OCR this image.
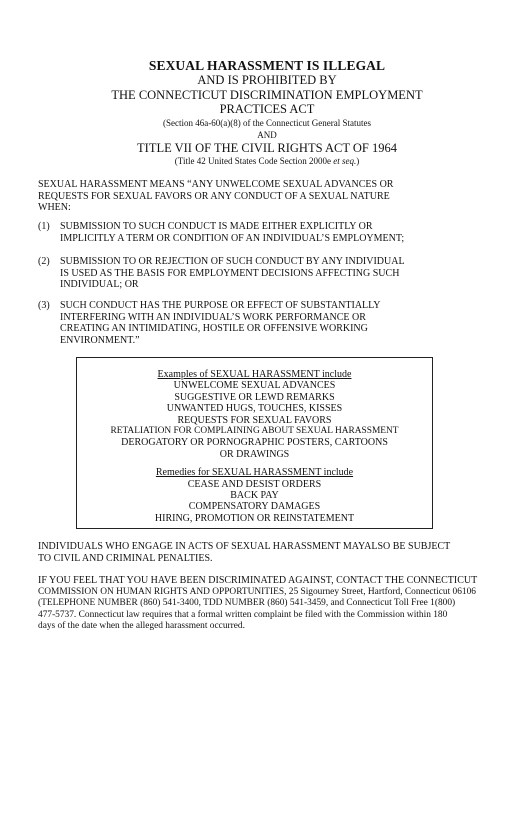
SEXUAL HARASSMENT IS ILLEGAL
AND IS PROHIBITED BY
THE CONNECTICUT DISCRIMINATION EMPLOYMENT
PRACTICES ACT
(Section 46a-60(a)(8) of the Connecticut General Statutes
AND
TITLE VII OF THE CIVIL RIGHTS ACT OF 1964
(Title 42 United States Code Section 2000e et seq.)
SEXUAL HARASSMENT MEANS “ANY UNWELCOME SEXUAL ADVANCES OR
REQUESTS FOR SEXUAL FAVORS OR ANY CONDUCT OF A SEXUAL NATURE
WHEN:
(1) SUBMISSION TO SUCH CONDUCT IS MADE EITHER EXPLICITLY OR
IMPLICITLY A TERM OR CONDITION OF AN INDIVIDUAL’S EMPLOYMENT;
(2) SUBMISSION TO OR REJECTION OF SUCH CONDUCT BY ANY INDIVIDUAL
IS USED AS THE BASIS FOR EMPLOYMENT DECISIONS AFFECTING SUCH
INDIVIDUAL; OR
(3) SUCH CONDUCT HAS THE PURPOSE OR EFFECT OF SUBSTANTIALLY
INTERFERING WITH AN INDIVIDUAL’S WORK PERFORMANCE OR
CREATING AN INTIMIDATING, HOSTILE OR OFFENSIVE WORKING
ENVIRONMENT.”
Examples of SEXUAL HARASSMENT include
UNWELCOME SEXUAL ADVANCES
SUGGESTIVE OR LEWD REMARKS
UNWANTED HUGS, TOUCHES, KISSES
REQUESTS FOR SEXUAL FAVORS
RETALIATION FOR COMPLAINING ABOUT SEXUAL HARASSMENT
DEROGATORY OR PORNOGRAPHIC POSTERS, CARTOONS
OR DRAWINGS
Remedies for SEXUAL HARASSMENT include
CEASE AND DESIST ORDERS
BACK PAY
COMPENSATORY DAMAGES
HIRING, PROMOTION OR REINSTATEMENT
INDIVIDUALS WHO ENGAGE IN ACTS OF SEXUAL HARASSMENT MAYALSO BE SUBJECT
TO CIVIL AND CRIMINAL PENALTIES.
IF YOU FEEL THAT YOU HAVE BEEN DISCRIMINATED AGAINST, CONTACT THE CONNECTICUT
COMMISSION ON HUMAN RIGHTS AND OPPORTUNITIES, 25 Sigourney Street, Hartford, Connecticut 06106
(TELEPHONE NUMBER (860) 541-3400, TDD NUMBER (860) 541-3459, and Connecticut Toll Free 1(800)
477-5737. Connecticut law requires that a formal written complaint be filed with the Commission within 180
days of the date when the alleged harassment occurred.
